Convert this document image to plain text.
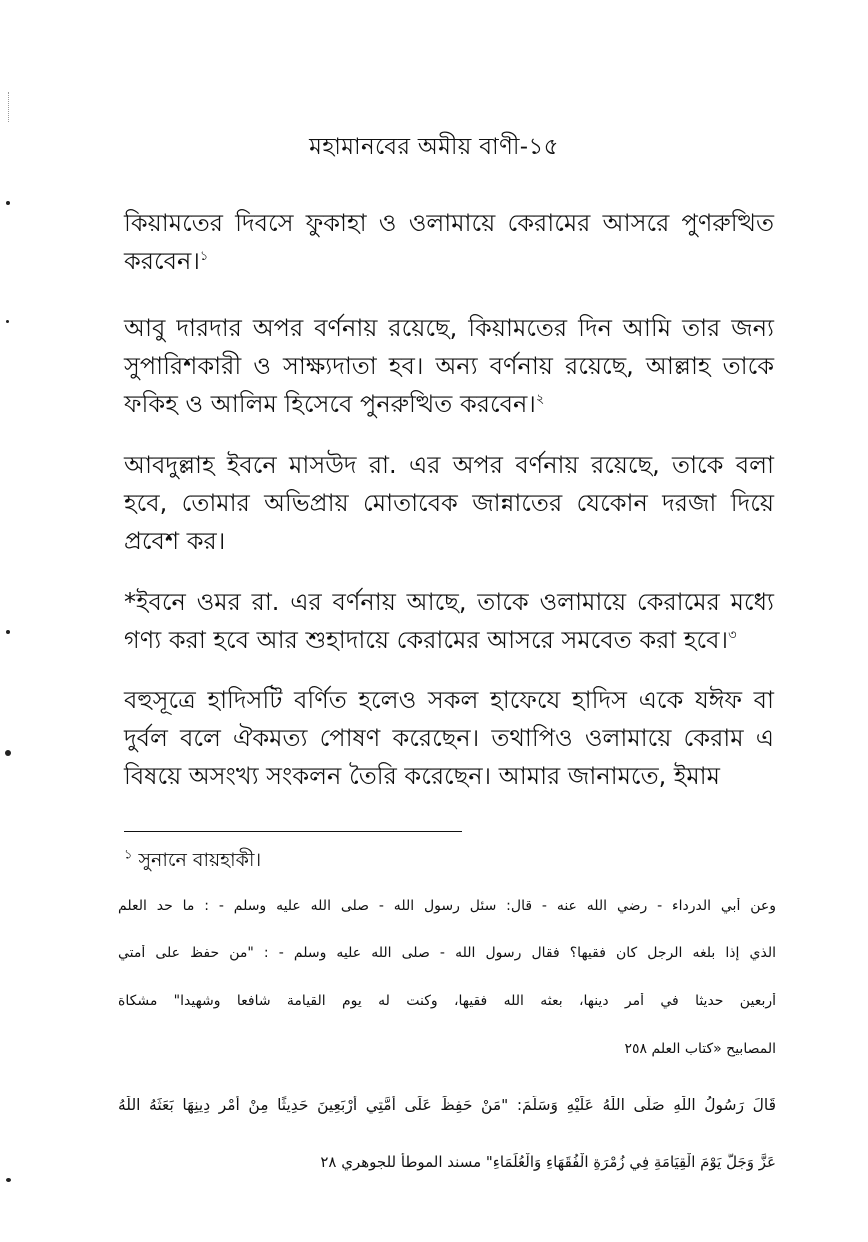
মহামানবের অমীয় বাণী-১৫
কিয়ামতের দিবসে ফুকাহা ও ওলামায়ে কেরামের আসরে পুণরুত্থিত করবেন।$^১$
আবু দারদার অপর বর্ণনায় রয়েছে, কিয়ামতের দিন আমি তার জন্য সুপারিশকারী ও সাক্ষ্যদাতা হব। অন্য বর্ণনায় রয়েছে, আল্লাহ তাকে ফকিহ ও আলিম হিসেবে পুনরুত্থিত করবেন।$^২$
আবদুল্লাহ ইবনে মাসউদ রা. এর অপর বর্ণনায় রয়েছে, তাকে বলা হবে, তোমার অভিপ্রায় মোতাবেক জান্নাতের যেকোন দরজা দিয়ে প্রবেশ কর।
*ইবনে ওমর রা. এর বর্ণনায় আছে, তাকে ওলামায়ে কেরামের মধ্যে গণ্য করা হবে আর শুহাদায়ে কেরামের আসরে সমবেত করা হবে।$^৩$
বহুসূত্রে হাদিসটি বর্ণিত হলেও সকল হাফেযে হাদিস একে যঈফ বা দুর্বল বলে ঐকমত্য পোষণ করেছেন। তথাপিও ওলামায়ে কেরাম এ বিষয়ে অসংখ্য সংকলন তৈরি করেছেন। আমার জানামতে, ইমাম
$^১$ সুনানে বায়হাকী।
وعن أبي الدرداء - رضي الله عنه - قال: سئل رسول الله - صلى الله عليه وسلم - : ما حد العلم
الذي إذا بلغه الرجل كان فقيها؟ فقال رسول الله - صلى الله عليه وسلم - : "من حفظ على أمتي
أربعين حديثا في أمر دينها، بعثه الله فقيها، وكنت له يوم القيامة شافعا وشهيدا" مشكاة
المصابيح «كتاب العلم ٢٥٨
قَالَ رَسُولُ اللّٰهِ صَلَّى اللّٰهُ عَلَيْهِ وَسَلَّمَ: "مَنْ حَفِظَ عَلَى أُمَّتِي أَرْبَعِينَ حَدِيثًا مِنْ أَمْرِ دِينِهَا بَعَثَهُ اللّٰهُ
عَزَّ وَجَلَّ يَوْمَ الْقِيَامَةِ فِي زُمْرَةِ الْفُقَهَاءِ وَالْعُلَمَاءِ" مسند الموطأ للجوهري ٢٨
